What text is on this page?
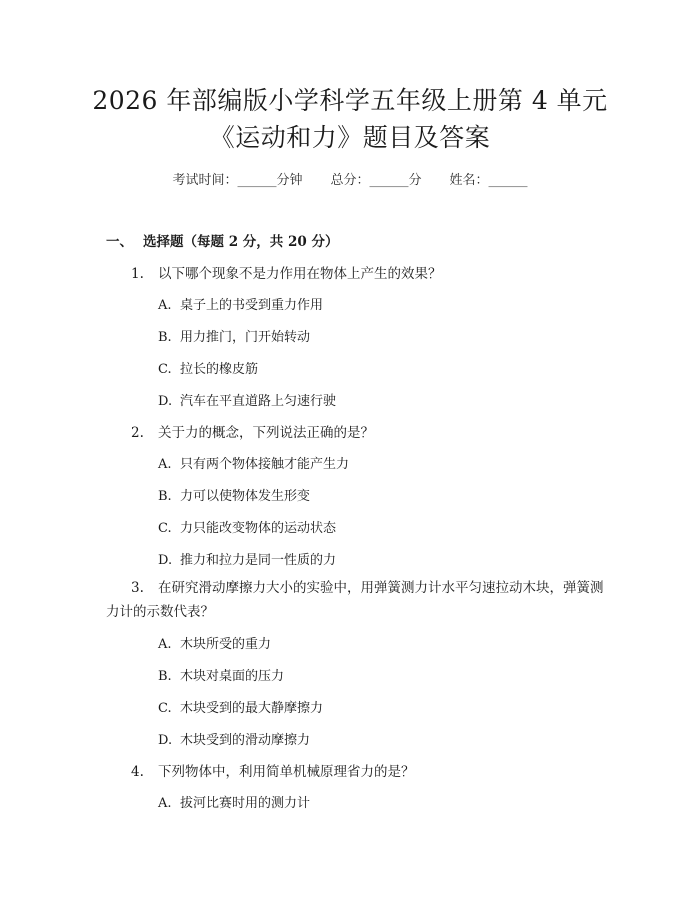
2026 年部编版小学科学五年级上册第 4 单元
《运动和力》题目及答案
考试时间：______分钟 总分：______分 姓名：______
一、 选择题（每题 2 分，共 20 分）
1. 以下哪个现象不是力作用在物体上产生的效果？
A. 桌子上的书受到重力作用
B. 用力推门，门开始转动
C. 拉长的橡皮筋
D. 汽车在平直道路上匀速行驶
2. 关于力的概念，下列说法正确的是？
A. 只有两个物体接触才能产生力
B. 力可以使物体发生形变
C. 力只能改变物体的运动状态
D. 推力和拉力是同一性质的力
3. 在研究滑动摩擦力大小的实验中，用弹簧测力计水平匀速拉动木块，弹簧测力计的示数代表？
A. 木块所受的重力
B. 木块对桌面的压力
C. 木块受到的最大静摩擦力
D. 木块受到的滑动摩擦力
4. 下列物体中，利用简单机械原理省力的是？
A. 拔河比赛时用的测力计
